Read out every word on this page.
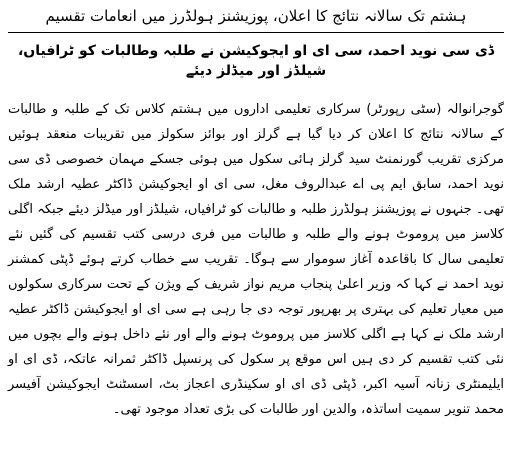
ہشتم تک سالانہ نتائج کا اعلان، پوزیشنز ہولڈرز میں انعامات تقسیم
ڈی سی نوید احمد، سی ای او ایجوکیشن نے طلبہ وطالبات کو ٹرافیاں، شیلڈز اور میڈلز دیئے

گوجرانوالہ (سٹی رپورٹر) سرکاری تعلیمی اداروں میں ہشتم کلاس تک کے طلبہ و طالبات کے سالانہ نتائج کا اعلان کر دیا گیا ہے گرلز اور بوائز سکولز میں تقریبات منعقد ہوئیں مرکزی تقریب گورنمنٹ سید گرلز ہائی سکول میں ہوئی جسکے مہمان خصوصی ڈی سی نوید احمد، سابق ایم پی اے عبدالروف مغل، سی ای او ایجوکیشن ڈاکٹر عطیہ ارشد ملک تھی۔ جنہوں نے پوزیشنز ہولڈرز طلبہ و طالبات کو ٹرافیاں، شیلڈز اور میڈلز دیئے جبکہ اگلی کلاسز میں پروموٹ ہونے والے طلبہ و طالبات میں فری درسی کتب تقسیم کی گئیں نئے تعلیمی سال کا باقاعدہ آغاز سوموار سے ہوگا۔ تقریب سے خطاب کرتے ہوئے ڈپٹی کمشنر نوید احمد نے کہا کہ وزیر اعلیٰ پنجاب مریم نواز شریف کے ویژن کے تحت سرکاری سکولوں میں معیار تعلیم کی بہتری پر بھرپور توجہ دی جا رہی ہے سی ای او ایجوکیشن ڈاکٹر عطیہ ارشد ملک نے کہا ہے اگلی کلاسز میں پروموٹ ہونے والے اور نئے داخل ہونے والے بچوں میں نئی کتب تقسیم کر دی ہیں اس موقع پر سکول کی پرنسپل ڈاکٹر ثمرانہ عاتکہ، ڈی ای او ایلیمنٹری زنانہ آسیہ اکبر، ڈپٹی ڈی ای او سکینڈری اعجاز بٹ، اسسٹنٹ ایجوکیشن آفیسر محمد تنویر سمیت اساتذہ، والدین اور طالبات کی بڑی تعداد موجود تھی۔
